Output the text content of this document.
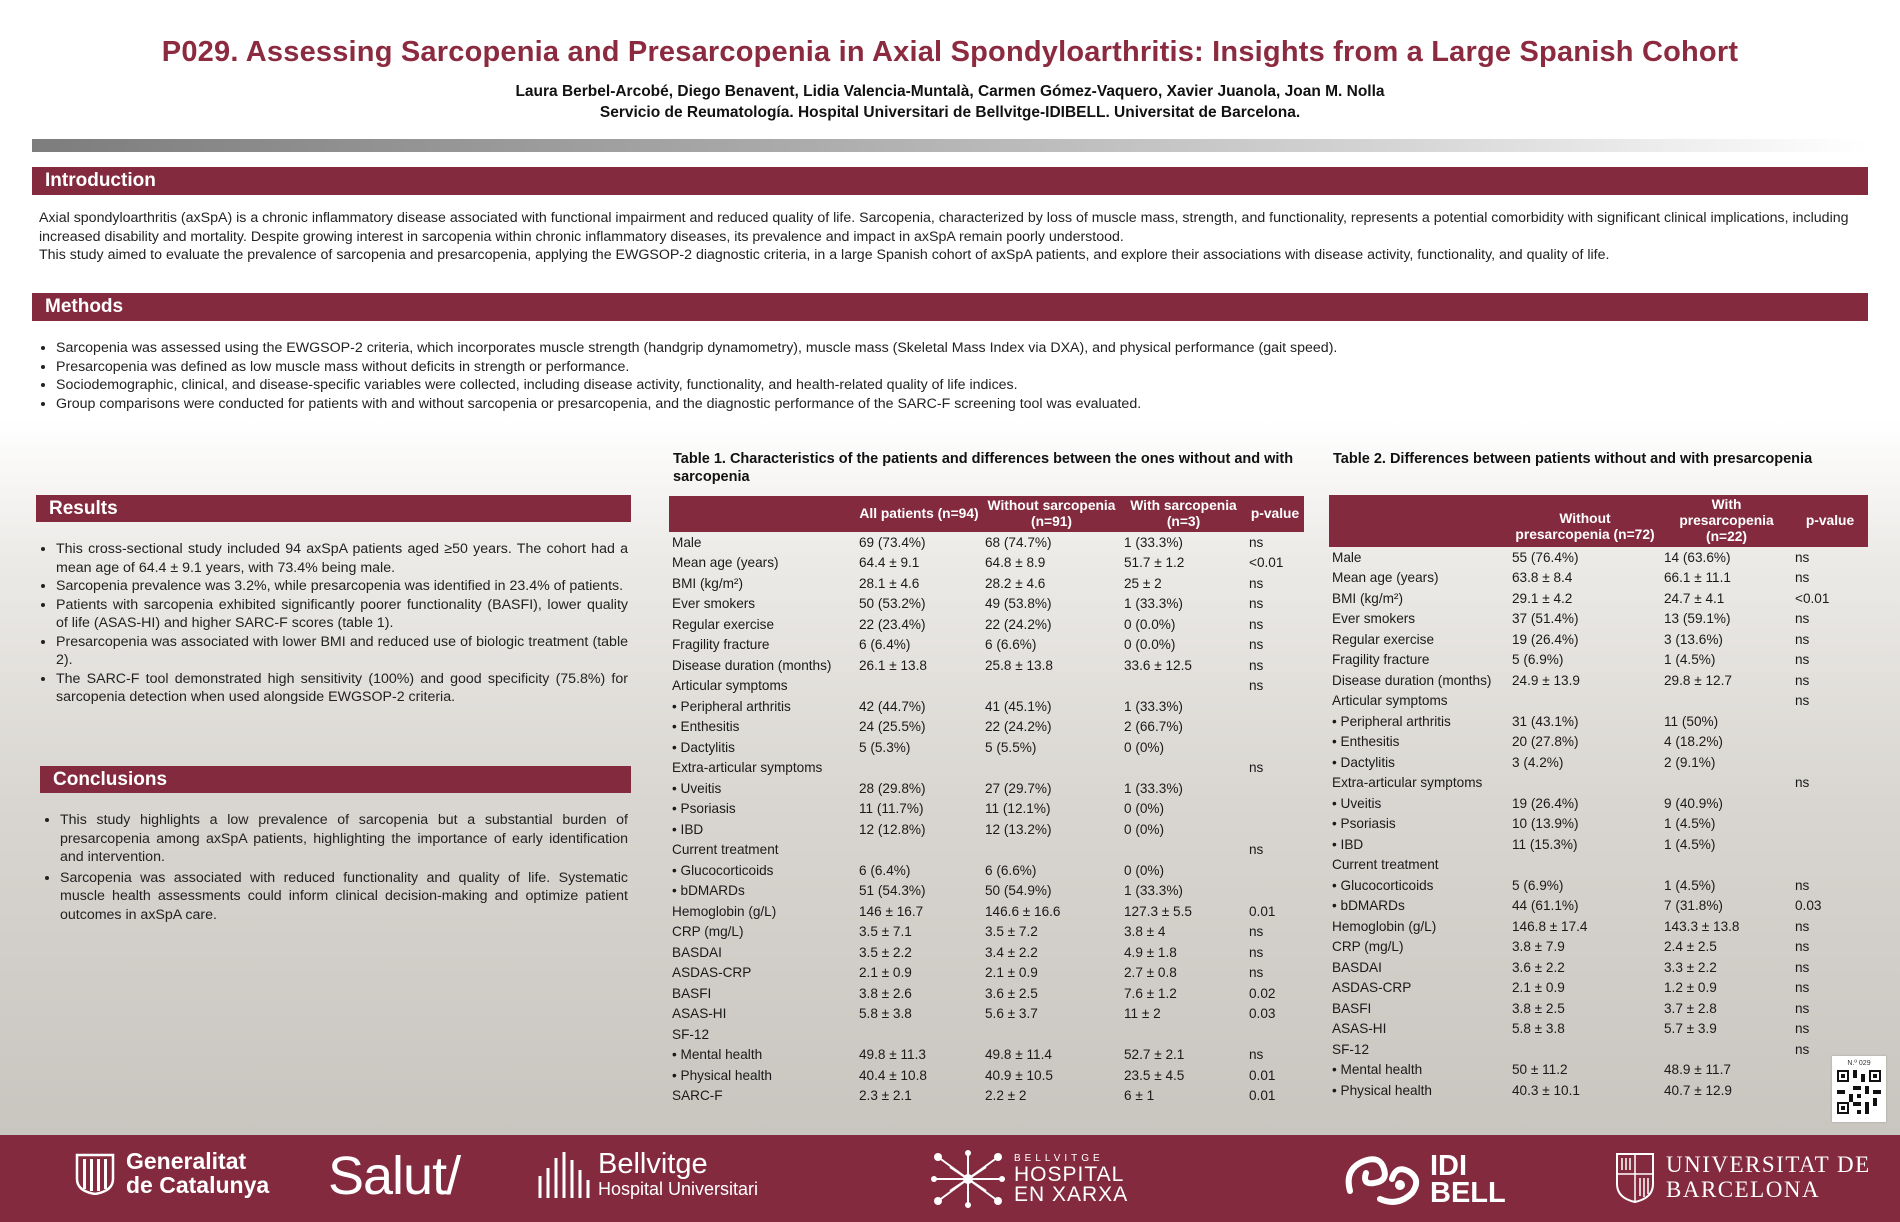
P029. Assessing Sarcopenia and Presarcopenia in Axial Spondyloarthritis: Insights from a Large Spanish Cohort
Laura Berbel-Arcobé, Diego Benavent, Lidia Valencia-Muntalà, Carmen Gómez-Vaquero, Xavier Juanola, Joan M. Nolla
Servicio de Reumatología. Hospital Universitari de Bellvitge-IDIBELL. Universitat de Barcelona.
Introduction

Axial spondyloarthritis (axSpA) is a chronic inflammatory disease associated with functional impairment and reduced quality of life. Sarcopenia, characterized by loss of muscle mass, strength, and functionality, represents a potential comorbidity with significant clinical implications, including increased disability and mortality. Despite growing interest in sarcopenia within chronic inflammatory diseases, its prevalence and impact in axSpA remain poorly understood.

This study aimed to evaluate the prevalence of sarcopenia and presarcopenia, applying the EWGSOP-2 diagnostic criteria, in a large Spanish cohort of axSpA patients, and explore their associations with disease activity, functionality, and quality of life.

Methods
• Sarcopenia was assessed using the EWGSOP-2 criteria, which incorporates muscle strength (handgrip dynamometry), muscle mass (Skeletal Mass Index via DXA), and physical performance (gait speed).
• Presarcopenia was defined as low muscle mass without deficits in strength or performance.
• Sociodemographic, clinical, and disease-specific variables were collected, including disease activity, functionality, and health-related quality of life indices.
• Group comparisons were conducted for patients with and without sarcopenia or presarcopenia, and the diagnostic performance of the SARC-F screening tool was evaluated.
Results
• This cross-sectional study included 94 axSpA patients aged ≥50 years. The cohort had a mean age of 64.4 ± 9.1 years, with 73.4% being male.
• Sarcopenia prevalence was 3.2%, while presarcopenia was identified in 23.4% of patients.
• Patients with sarcopenia exhibited significantly poorer functionality (BASFI), lower quality of life (ASAS-HI) and higher SARC-F scores (table 1).
• Presarcopenia was associated with lower BMI and reduced use of biologic treatment (table 2).
• The SARC-F tool demonstrated high sensitivity (100%) and good specificity (75.8%) for sarcopenia detection when used alongside EWGSOP-2 criteria.
Conclusions
• This study highlights a low prevalence of sarcopenia but a substantial burden of presarcopenia among axSpA patients, highlighting the importance of early identification and intervention.
• Sarcopenia was associated with reduced functionality and quality of life. Systematic muscle health assessments could inform clinical decision-making and optimize patient outcomes in axSpA care.
Table 1. Characteristics of the patients and differences between the ones without and with sarcopenia
	All patients (n=94)	Without sarcopenia (n=91)	With sarcopenia (n=3)	p-value
Male	69 (73.4%)	68 (74.7%)	1 (33.3%)	ns
Mean age (years)	64.4 ± 9.1	64.8 ± 8.9	51.7 ± 1.2	<0.01
BMI (kg/m²)	28.1 ± 4.6	28.2 ± 4.6	25 ± 2	ns
Ever smokers	50 (53.2%)	49 (53.8%)	1 (33.3%)	ns
Regular exercise	22 (23.4%)	22 (24.2%)	0 (0.0%)	ns
Fragility fracture	6 (6.4%)	6 (6.6%)	0 (0.0%)	ns
Disease duration (months)	26.1 ± 13.8	25.8 ± 13.8	33.6 ± 12.5	ns
Articular symptoms				ns
• Peripheral arthritis	42 (44.7%)	41 (45.1%)	1 (33.3%)	
• Enthesitis	24 (25.5%)	22 (24.2%)	2 (66.7%)	
• Dactylitis	5 (5.3%)	5 (5.5%)	0 (0%)	
Extra-articular symptoms				ns
• Uveitis	28 (29.8%)	27 (29.7%)	1 (33.3%)	
• Psoriasis	11 (11.7%)	11 (12.1%)	0 (0%)	
• IBD	12 (12.8%)	12 (13.2%)	0 (0%)	
Current treatment				ns
• Glucocorticoids	6 (6.4%)	6 (6.6%)	0 (0%)	
• bDMARDs	51 (54.3%)	50 (54.9%)	1 (33.3%)	
Hemoglobin (g/L)	146 ± 16.7	146.6 ± 16.6	127.3 ± 5.5	0.01
CRP (mg/L)	3.5 ± 7.1	3.5 ± 7.2	3.8 ± 4	ns
BASDAI	3.5 ± 2.2	3.4 ± 2.2	4.9 ± 1.8	ns
ASDAS-CRP	2.1 ± 0.9	2.1 ± 0.9	2.7 ± 0.8	ns
BASFI	3.8 ± 2.6	3.6 ± 2.5	7.6 ± 1.2	0.02
ASAS-HI	5.8 ± 3.8	5.6 ± 3.7	11 ± 2	0.03
SF-12				
• Mental health	49.8 ± 11.3	49.8 ± 11.4	52.7 ± 2.1	ns
• Physical health	40.4 ± 10.8	40.9 ± 10.5	23.5 ± 4.5	0.01
SARC-F	2.3 ± 2.1	2.2 ± 2	6 ± 1	0.01
Table 2. Differences between patients without and with presarcopenia
	Without presarcopenia (n=72)	With presarcopenia (n=22)	p-value
Male	55 (76.4%)	14 (63.6%)	ns
Mean age (years)	63.8 ± 8.4	66.1 ± 11.1	ns
BMI (kg/m²)	29.1 ± 4.2	24.7 ± 4.1	<0.01
Ever smokers	37 (51.4%)	13 (59.1%)	ns
Regular exercise	19 (26.4%)	3 (13.6%)	ns
Fragility fracture	5 (6.9%)	1 (4.5%)	ns
Disease duration (months)	24.9 ± 13.9	29.8 ± 12.7	ns
Articular symptoms			ns
• Peripheral arthritis	31 (43.1%)	11 (50%)	
• Enthesitis	20 (27.8%)	4 (18.2%)	
• Dactylitis	3 (4.2%)	2 (9.1%)	
Extra-articular symptoms			ns
• Uveitis	19 (26.4%)	9 (40.9%)	
• Psoriasis	10 (13.9%)	1 (4.5%)	
• IBD	11 (15.3%)	1 (4.5%)	
Current treatment			
• Glucocorticoids	5 (6.9%)	1 (4.5%)	ns
• bDMARDs	44 (61.1%)	7 (31.8%)	0.03
Hemoglobin (g/L)	146.8 ± 17.4	143.3 ± 13.8	ns
CRP (mg/L)	3.8 ± 7.9	2.4 ± 2.5	ns
BASDAI	3.6 ± 2.2	3.3 ± 2.2	ns
ASDAS-CRP	2.1 ± 0.9	1.2 ± 0.9	ns
BASFI	3.8 ± 2.5	3.7 ± 2.8	ns
ASAS-HI	5.8 ± 3.8	5.7 ± 3.9	ns
SF-12			ns
• Mental health	50 ± 11.2	48.9 ± 11.7	
• Physical health	40.3 ± 10.1	40.7 ± 12.9	
N.º 029
Generalitat
de Catalunya Salut/	Bellvitge
Hospital Universitari
BELLVITGE
HOSPITAL
EN XARXA
IDI
BELL
UNIVERSITAT DE
BARCELONA
